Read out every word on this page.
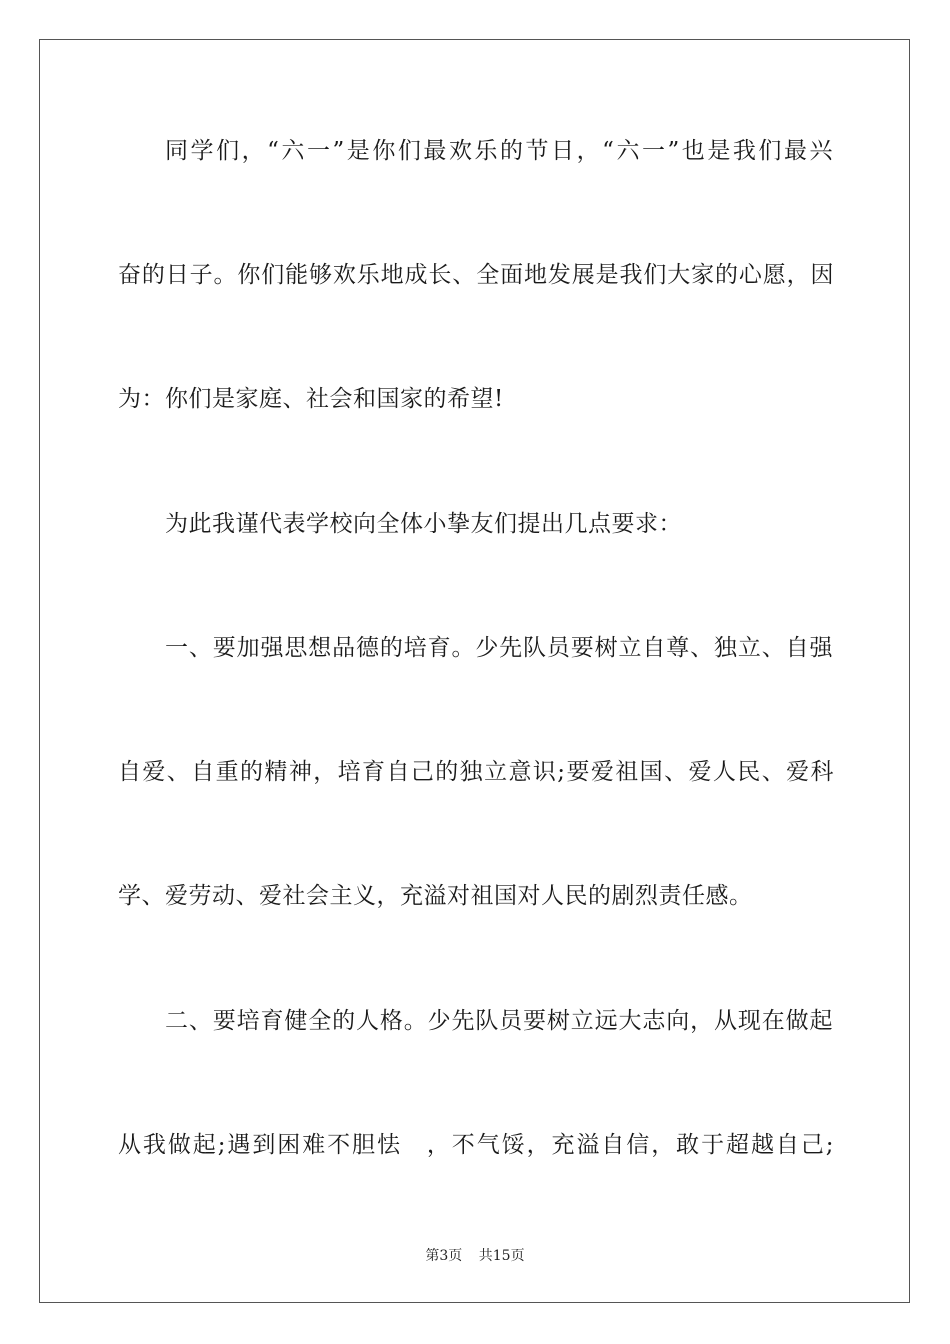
同学们，“六一”是你们最欢乐的节日，“六一”也是我们最兴
奋的日子。你们能够欢乐地成长、全面地发展是我们大家的心愿，因
为：你们是家庭、社会和国家的希望!
为此我谨代表学校向全体小挚友们提出几点要求：
一、要加强思想品德的培育。少先队员要树立自尊、独立、自强
自爱、自重的精神，培育自己的独立意识;要爱祖国、爱人民、爱科
学、爱劳动、爱社会主义，充溢对祖国对人民的剧烈责任感。
二、要培育健全的人格。少先队员要树立远大志向，从现在做起
从我做起;遇到困难不胆怯　，不气馁，充溢自信，敢于超越自己;
第3页 共15页
